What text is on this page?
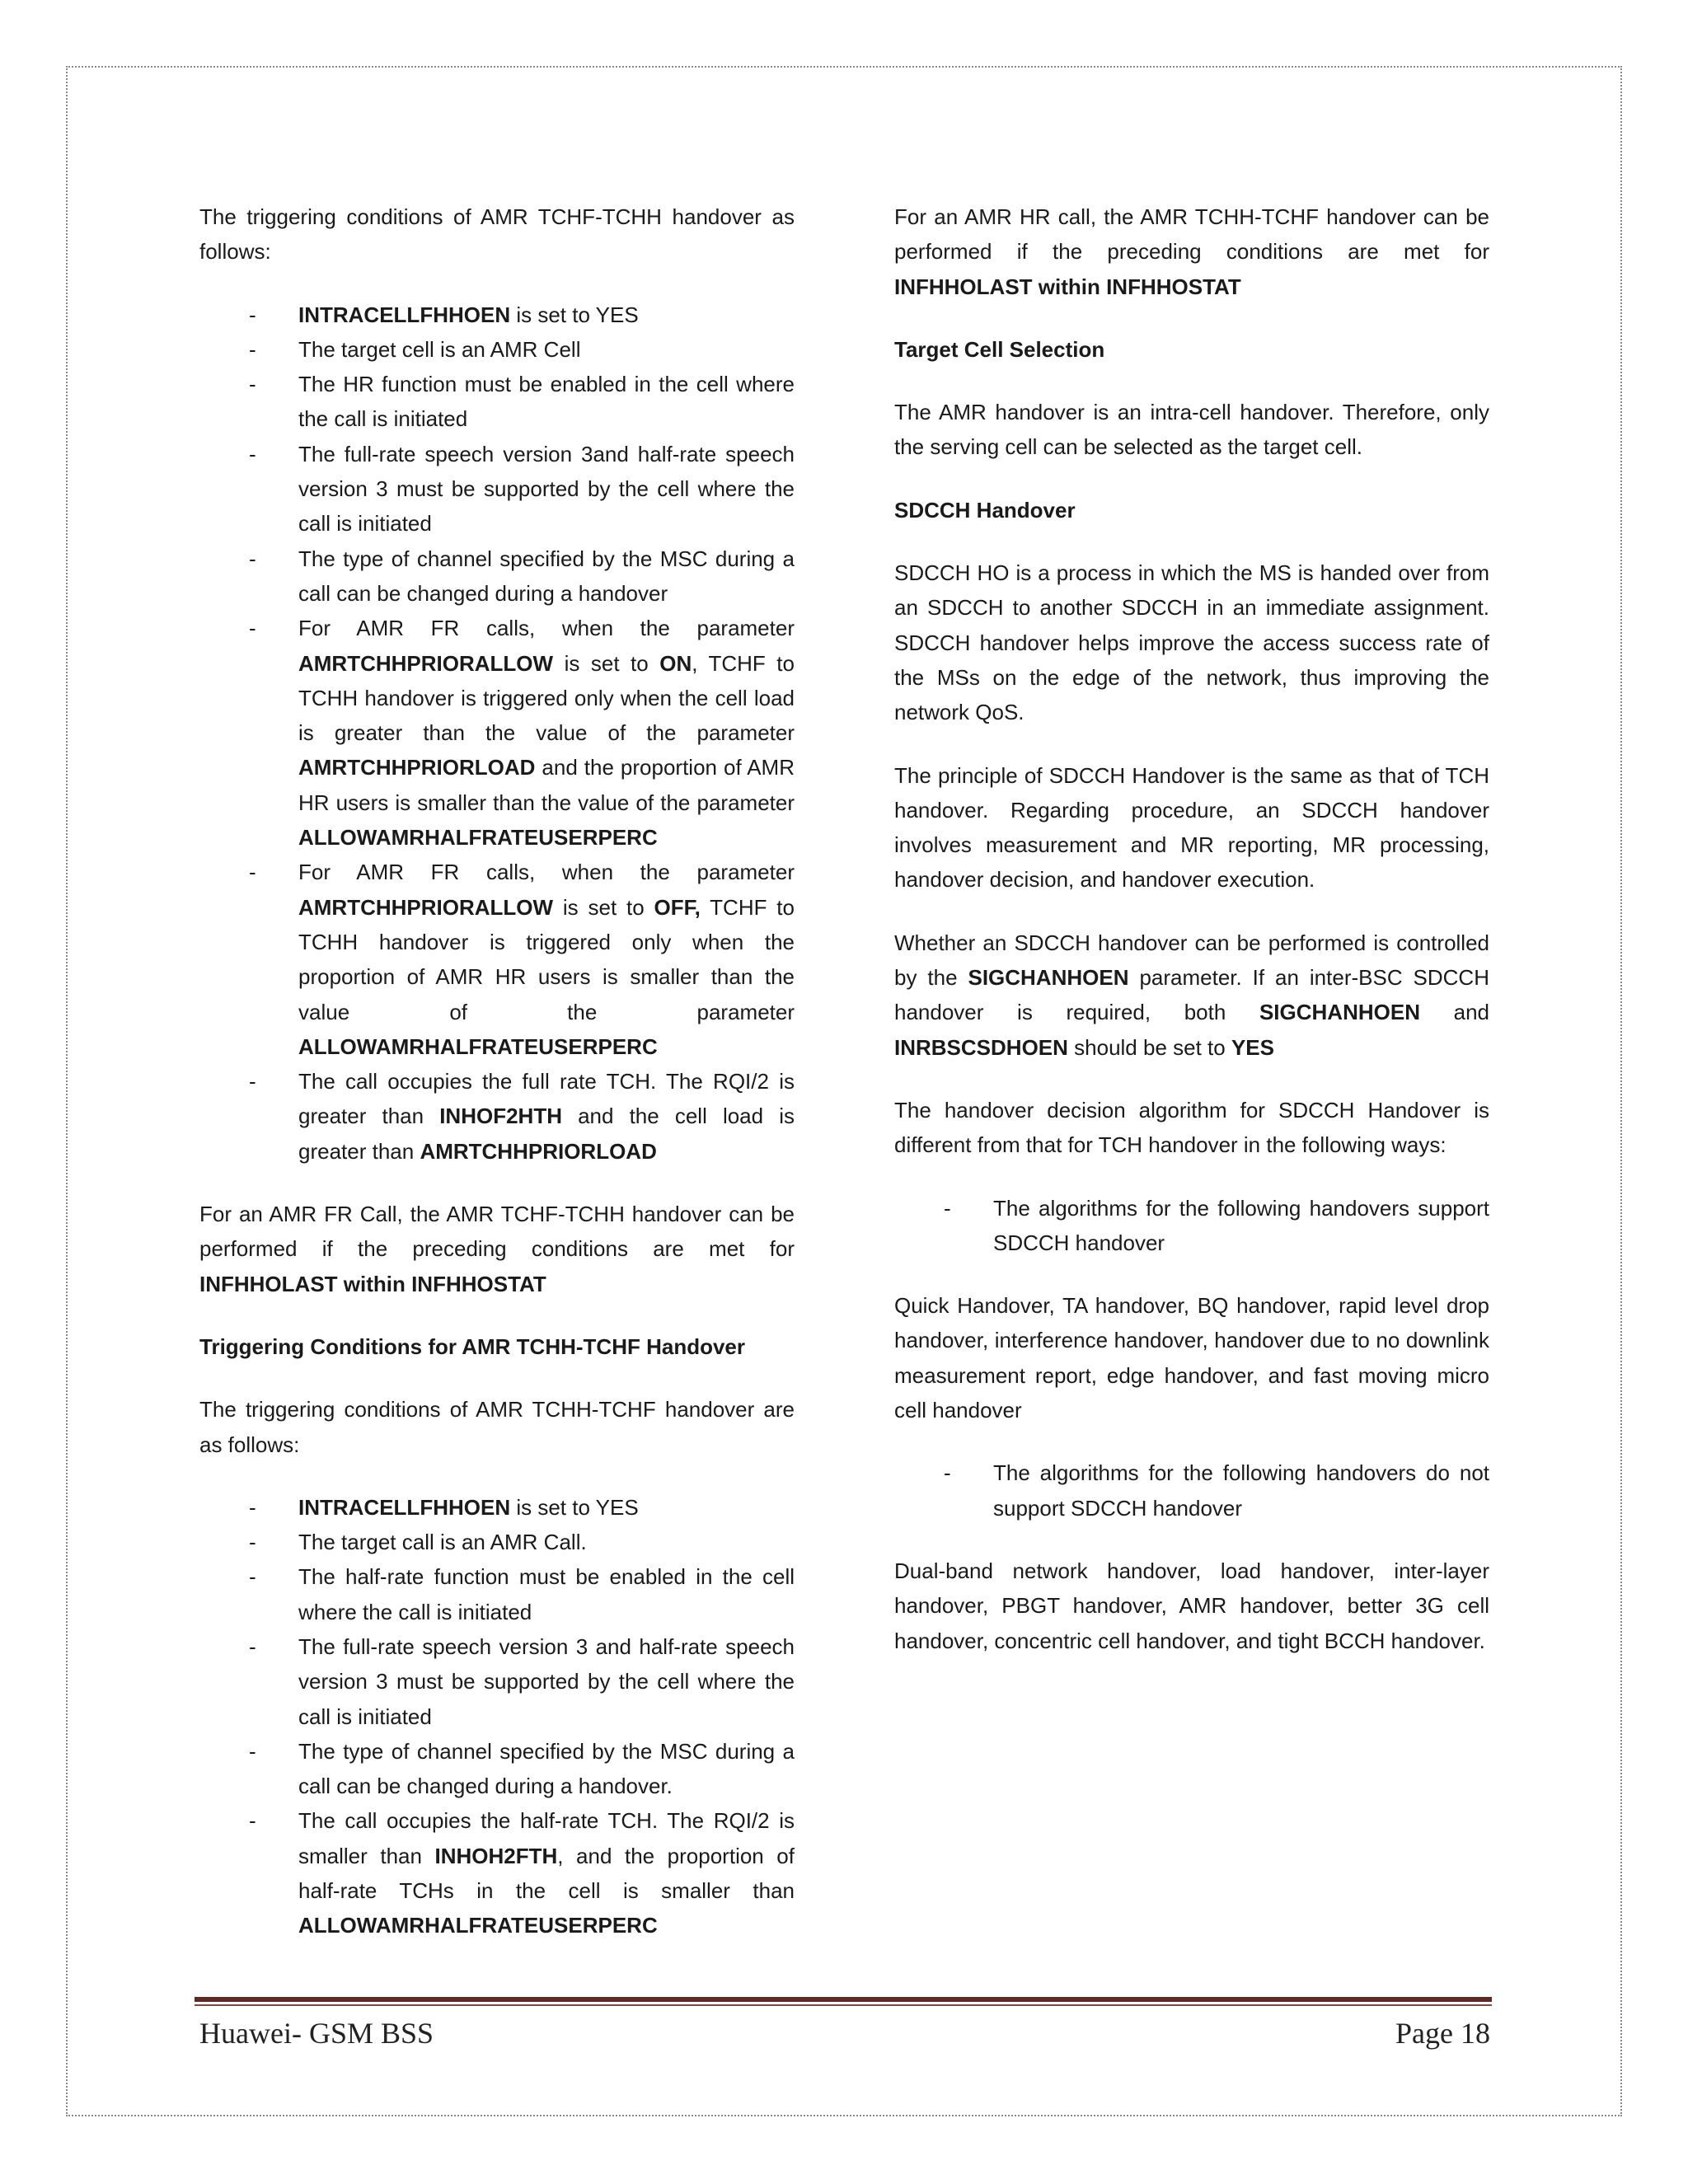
The triggering conditions of AMR TCHF-TCHH handover as follows:

- INTRACELLFHHOEN is set to YES
- The target cell is an AMR Cell
- The HR function must be enabled in the cell where the call is initiated
- The full-rate speech version 3and half-rate speech version 3 must be supported by the cell where the call is initiated
- The type of channel specified by the MSC during a call can be changed during a handover
- For AMR FR calls, when the parameter AMRTCHHPRIORALLOW is set to ON, TCHF to TCHH handover is triggered only when the cell load is greater than the value of the parameter AMRTCHHPRIORLOAD and the proportion of AMR HR users is smaller than the value of the parameter ALLOWAMRHALFRATEUSERPERC
- For AMR FR calls, when the parameter AMRTCHHPRIORALLOW is set to OFF, TCHF to TCHH handover is triggered only when the proportion of AMR HR users is smaller than the value of the parameter ALLOWAMRHALFRATEUSERPERC
- The call occupies the full rate TCH. The RQI/2 is greater than INHOF2HTH and the cell load is greater than AMRTCHHPRIORLOAD

For an AMR FR Call, the AMR TCHF-TCHH handover can be performed if the preceding conditions are met for INFHHOLAST within INFHHOSTAT

Triggering Conditions for AMR TCHH-TCHF Handover

The triggering conditions of AMR TCHH-TCHF handover are as follows:

- INTRACELLFHHOEN is set to YES
- The target call is an AMR Call.
- The half-rate function must be enabled in the cell where the call is initiated
- The full-rate speech version 3 and half-rate speech version 3 must be supported by the cell where the call is initiated
- The type of channel specified by the MSC during a call can be changed during a handover.
- The call occupies the half-rate TCH. The RQI/2 is smaller than INHOH2FTH, and the proportion of half-rate TCHs in the cell is smaller than ALLOWAMRHALFRATEUSERPERC

For an AMR HR call, the AMR TCHH-TCHF handover can be performed if the preceding conditions are met for INFHHOLAST within INFHHOSTAT

Target Cell Selection

The AMR handover is an intra-cell handover. Therefore, only the serving cell can be selected as the target cell.

SDCCH Handover

SDCCH HO is a process in which the MS is handed over from an SDCCH to another SDCCH in an immediate assignment. SDCCH handover helps improve the access success rate of the MSs on the edge of the network, thus improving the network QoS.

The principle of SDCCH Handover is the same as that of TCH handover. Regarding procedure, an SDCCH handover involves measurement and MR reporting, MR processing, handover decision, and handover execution.

Whether an SDCCH handover can be performed is controlled by the SIGCHANHOEN parameter. If an inter-BSC SDCCH handover is required, both SIGCHANHOEN and INRBSCSDHOEN should be set to YES

The handover decision algorithm for SDCCH Handover is different from that for TCH handover in the following ways:

- The algorithms for the following handovers support SDCCH handover

Quick Handover, TA handover, BQ handover, rapid level drop handover, interference handover, handover due to no downlink measurement report, edge handover, and fast moving micro cell handover

- The algorithms for the following handovers do not support SDCCH handover

Dual-band network handover, load handover, inter-layer handover, PBGT handover, AMR handover, better 3G cell handover, concentric cell handover, and tight BCCH handover.

Huawei- GSM BSS	Page 18
